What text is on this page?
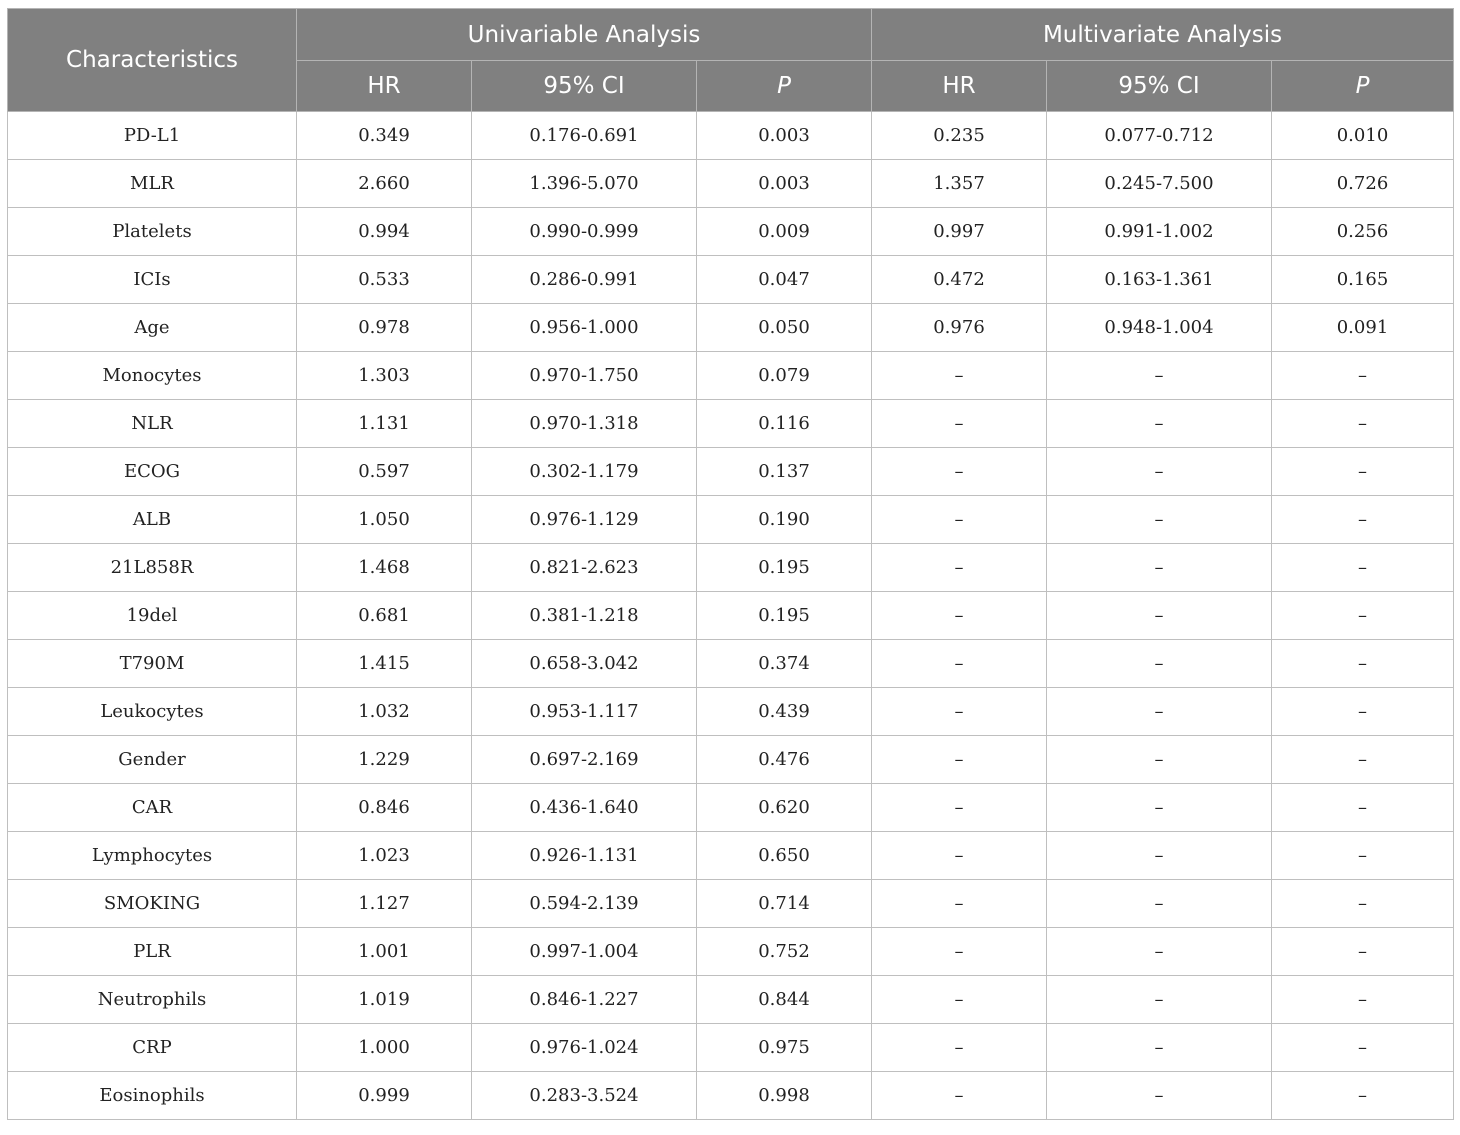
Characteristics	Univariable Analysis			Multivariate Analysis		
	HR	95% CI	P	HR	95% CI	P
PD-L1	0.349	0.176-0.691	0.003	0.235	0.077-0.712	0.010
MLR	2.660	1.396-5.070	0.003	1.357	0.245-7.500	0.726
Platelets	0.994	0.990-0.999	0.009	0.997	0.991-1.002	0.256
ICIs	0.533	0.286-0.991	0.047	0.472	0.163-1.361	0.165
Age	0.978	0.956-1.000	0.050	0.976	0.948-1.004	0.091
Monocytes	1.303	0.970-1.750	0.079	–	–	–
NLR	1.131	0.970-1.318	0.116	–	–	–
ECOG	0.597	0.302-1.179	0.137	–	–	–
ALB	1.050	0.976-1.129	0.190	–	–	–
21L858R	1.468	0.821-2.623	0.195	–	–	–
19del	0.681	0.381-1.218	0.195	–	–	–
T790M	1.415	0.658-3.042	0.374	–	–	–
Leukocytes	1.032	0.953-1.117	0.439	–	–	–
Gender	1.229	0.697-2.169	0.476	–	–	–
CAR	0.846	0.436-1.640	0.620	–	–	–
Lymphocytes	1.023	0.926-1.131	0.650	–	–	–
SMOKING	1.127	0.594-2.139	0.714	–	–	–
PLR	1.001	0.997-1.004	0.752	–	–	–
Neutrophils	1.019	0.846-1.227	0.844	–	–	–
CRP	1.000	0.976-1.024	0.975	–	–	–
Eosinophils	0.999	0.283-3.524	0.998	–	–	–
